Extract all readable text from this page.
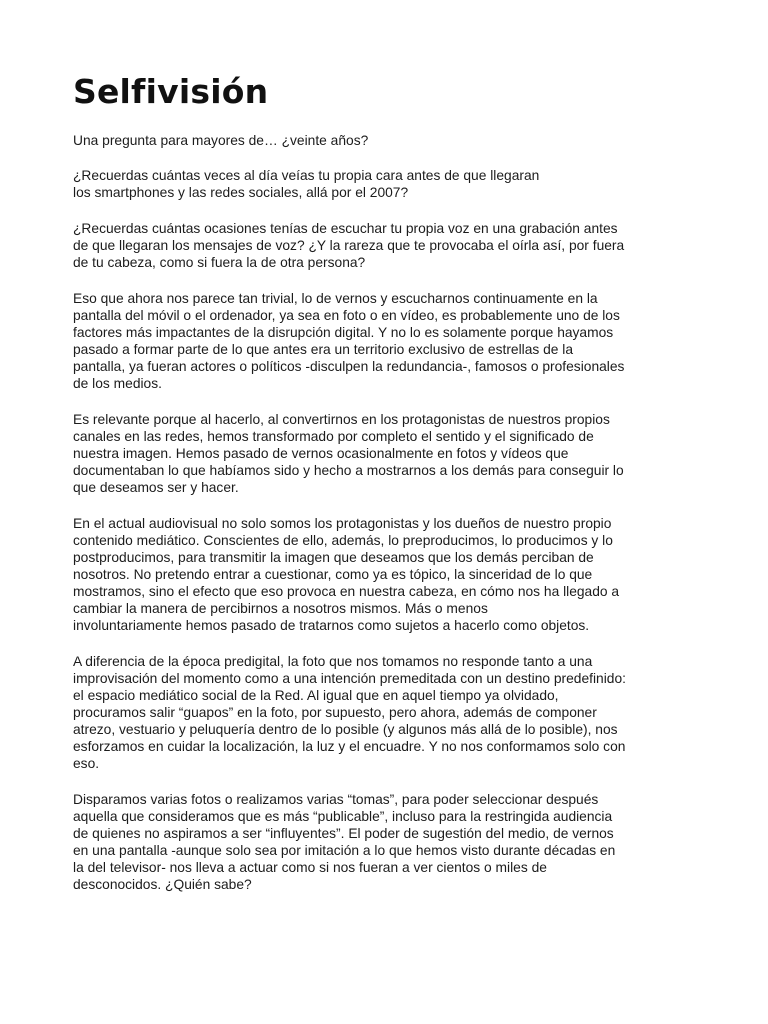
Selfivisión

Una pregunta para mayores de… ¿veinte años?

¿Recuerdas cuántas veces al día veías tu propia cara antes de que llegaran
los smartphones y las redes sociales, allá por el 2007?

¿Recuerdas cuántas ocasiones tenías de escuchar tu propia voz en una grabación antes
de que llegaran los mensajes de voz? ¿Y la rareza que te provocaba el oírla así, por fuera
de tu cabeza, como si fuera la de otra persona?

Eso que ahora nos parece tan trivial, lo de vernos y escucharnos continuamente en la
pantalla del móvil o el ordenador, ya sea en foto o en vídeo, es probablemente uno de los
factores más impactantes de la disrupción digital. Y no lo es solamente porque hayamos
pasado a formar parte de lo que antes era un territorio exclusivo de estrellas de la
pantalla, ya fueran actores o políticos -disculpen la redundancia-, famosos o profesionales
de los medios.

Es relevante porque al hacerlo, al convertirnos en los protagonistas de nuestros propios
canales en las redes, hemos transformado por completo el sentido y el significado de
nuestra imagen. Hemos pasado de vernos ocasionalmente en fotos y vídeos que
documentaban lo que habíamos sido y hecho a mostrarnos a los demás para conseguir lo
que deseamos ser y hacer.

En el actual audiovisual no solo somos los protagonistas y los dueños de nuestro propio
contenido mediático. Conscientes de ello, además, lo preproducimos, lo producimos y lo
postproducimos, para transmitir la imagen que deseamos que los demás perciban de
nosotros. No pretendo entrar a cuestionar, como ya es tópico, la sinceridad de lo que
mostramos, sino el efecto que eso provoca en nuestra cabeza, en cómo nos ha llegado a
cambiar la manera de percibirnos a nosotros mismos. Más o menos
involuntariamente hemos pasado de tratarnos como sujetos a hacerlo como objetos.

A diferencia de la época predigital, la foto que nos tomamos no responde tanto a una
improvisación del momento como a una intención premeditada con un destino predefinido:
el espacio mediático social de la Red. Al igual que en aquel tiempo ya olvidado,
procuramos salir “guapos” en la foto, por supuesto, pero ahora, además de componer
atrezo, vestuario y peluquería dentro de lo posible (y algunos más allá de lo posible), nos
esforzamos en cuidar la localización, la luz y el encuadre. Y no nos conformamos solo con
eso.

Disparamos varias fotos o realizamos varias “tomas”, para poder seleccionar después
aquella que consideramos que es más “publicable”, incluso para la restringida audiencia
de quienes no aspiramos a ser “influyentes”. El poder de sugestión del medio, de vernos
en una pantalla -aunque solo sea por imitación a lo que hemos visto durante décadas en
la del televisor- nos lleva a actuar como si nos fueran a ver cientos o miles de
desconocidos. ¿Quién sabe?
